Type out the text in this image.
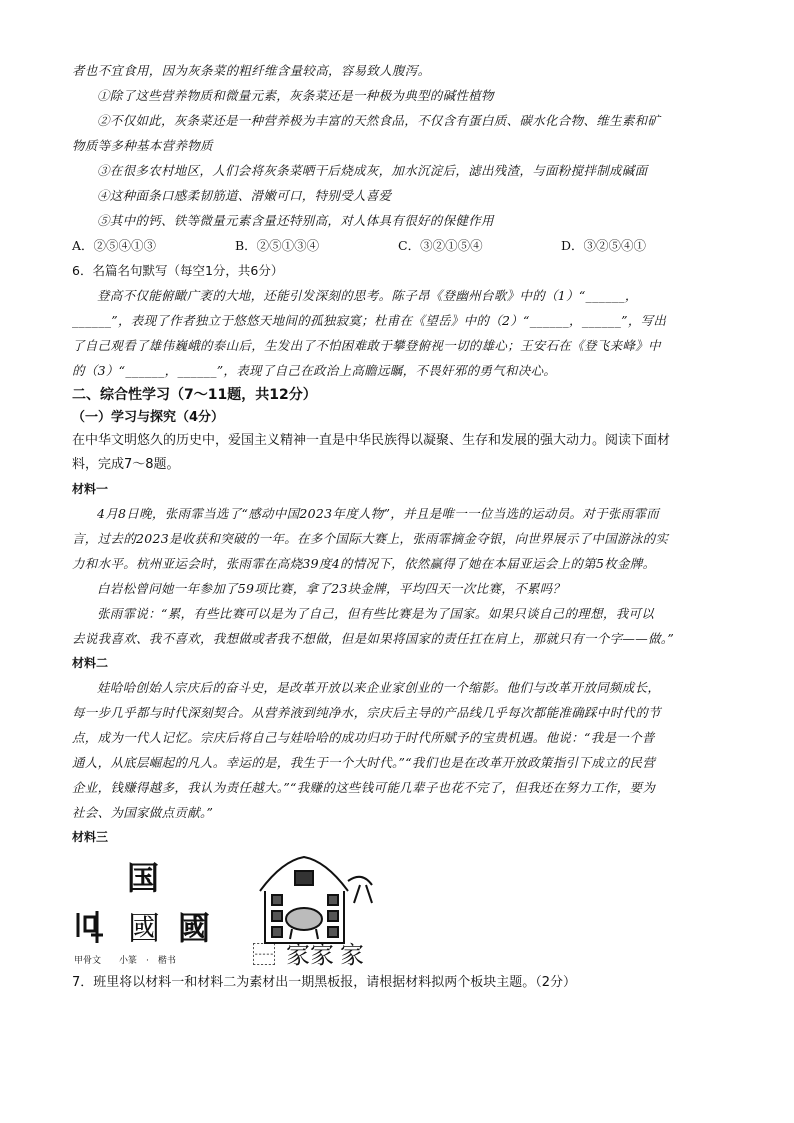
者也不宜食用，因为灰条菜的粗纤维含量较高，容易致人腹泻。

①除了这些营养物质和微量元素，灰条菜还是一种极为典型的碱性植物

②不仅如此，灰条菜还是一种营养极为丰富的天然食品，不仅含有蛋白质、碳水化合物、维生素和矿

物质等多种基本营养物质

③在很多农村地区，人们会将灰条菜晒干后烧成灰，加水沉淀后，滤出残渣，与面粉搅拌制成碱面

④这种面条口感柔韧筋道、滑嫩可口，特别受人喜爱

⑤其中的钙、铁等微量元素含量还特别高，对人体具有很好的保健作用

A．②⑤④①③	B．②⑤①③④	C．③②①⑤④	D．③②⑤④①

6．名篇名句默写（每空1分，共6分）

登高不仅能俯瞰广袤的大地，还能引发深刻的思考。陈子昂《登幽州台歌》中的（1）“______，

______”，表现了作者独立于悠悠天地间的孤独寂寞；杜甫在《望岳》中的（2）“______，______”，写出

了自己观看了雄伟巍峨的泰山后，生发出了不怕困难敢于攀登俯视一切的雄心；王安石在《登飞来峰》中

的（3）“______，______”，表现了自己在政治上高瞻远瞩，不畏奸邪的勇气和决心。

二、综合性学习（7～11题，共12分）
（一）学习与探究（4分）

在中华文明悠久的历史中，爱国主义精神一直是中华民族得以凝聚、生存和发展的强大动力。阅读下面材

料，完成7～8题。

材料一

4月8日晚，张雨霏当选了“感动中国2023年度人物”，并且是唯一一位当选的运动员。对于张雨霏而

言，过去的2023是收获和突破的一年。在多个国际大赛上，张雨霏摘金夺银，向世界展示了中国游泳的实

力和水平。杭州亚运会时，张雨霏在高烧39度4的情况下，依然赢得了她在本届亚运会上的第5枚金牌。

白岩松曾问她一年参加了59项比赛，拿了23块金牌，平均四天一次比赛，不累吗？

张雨霏说：“累，有些比赛可以是为了自己，但有些比赛是为了国家。如果只谈自己的理想，我可以

去说我喜欢、我不喜欢，我想做或者我不想做，但是如果将国家的责任扛在肩上，那就只有一个字——做。”

材料二

娃哈哈创始人宗庆后的奋斗史，是改革开放以来企业家创业的一个缩影。他们与改革开放同频成长，

每一步几乎都与时代深刻契合。从营养液到纯净水，宗庆后主导的产品线几乎每次都能准确踩中时代的节

点，成为一代人记忆。宗庆后将自己与娃哈哈的成功归功于时代所赋予的宝贵机遇。他说：“我是一个普

通人，从底层崛起的凡人。幸运的是，我生于一个大时代。”“我们也是在改革开放政策指引下成立的民营

企业，钱赚得越多，我认为责任越大。”“我赚的这些钱可能几辈子也花不完了，但我还在努力工作，要为

社会、为国家做点贡献。”

材料三
国
國 國
甲骨文　　小篆　·　楷书	⿱ 家家 家

7．班里将以材料一和材料二为素材出一期黑板报，请根据材料拟两个板块主题。（2分）
